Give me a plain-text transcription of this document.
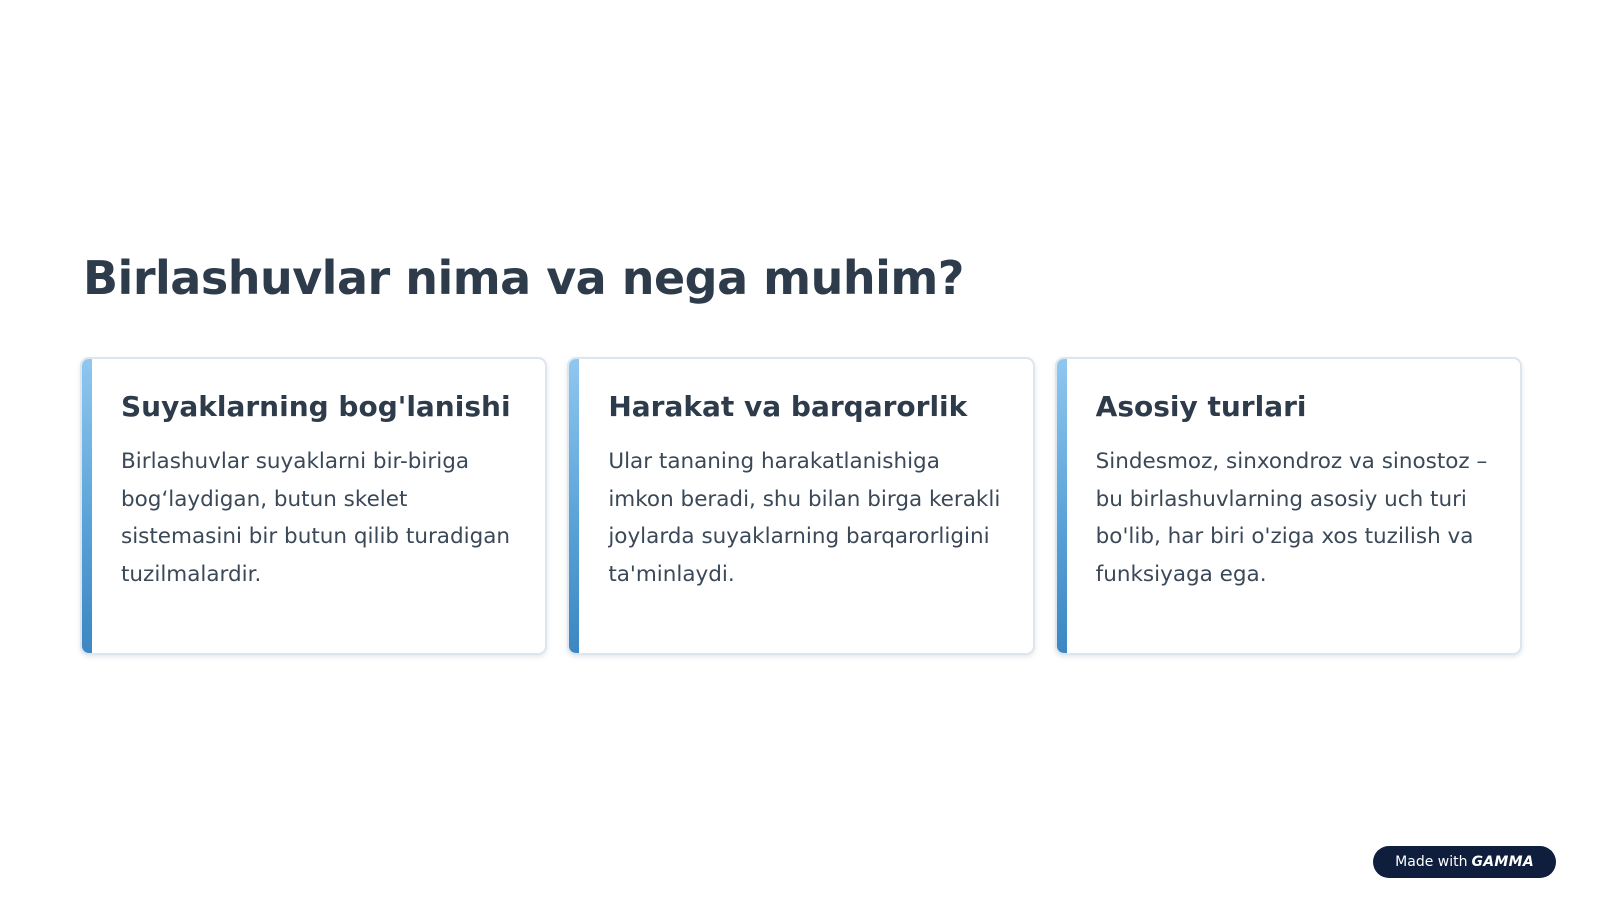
Birlashuvlar nima va nega muhim?
Suyaklarning bog'lanishi

Birlashuvlar suyaklarni bir-biriga bog‘laydigan, butun skelet sistemasini bir butun qilib turadigan tuzilmalardir.

Harakat va barqarorlik

Ular tananing harakatlanishiga imkon beradi, shu bilan birga kerakli joylarda suyaklarning barqarorligini ta'minlaydi.

Asosiy turlari

Sindesmoz, sinxondroz va sinostoz – bu birlashuvlarning asosiy uch turi bo'lib, har biri o'ziga xos tuzilish va funksiyaga ega.

Made with GAMMA
